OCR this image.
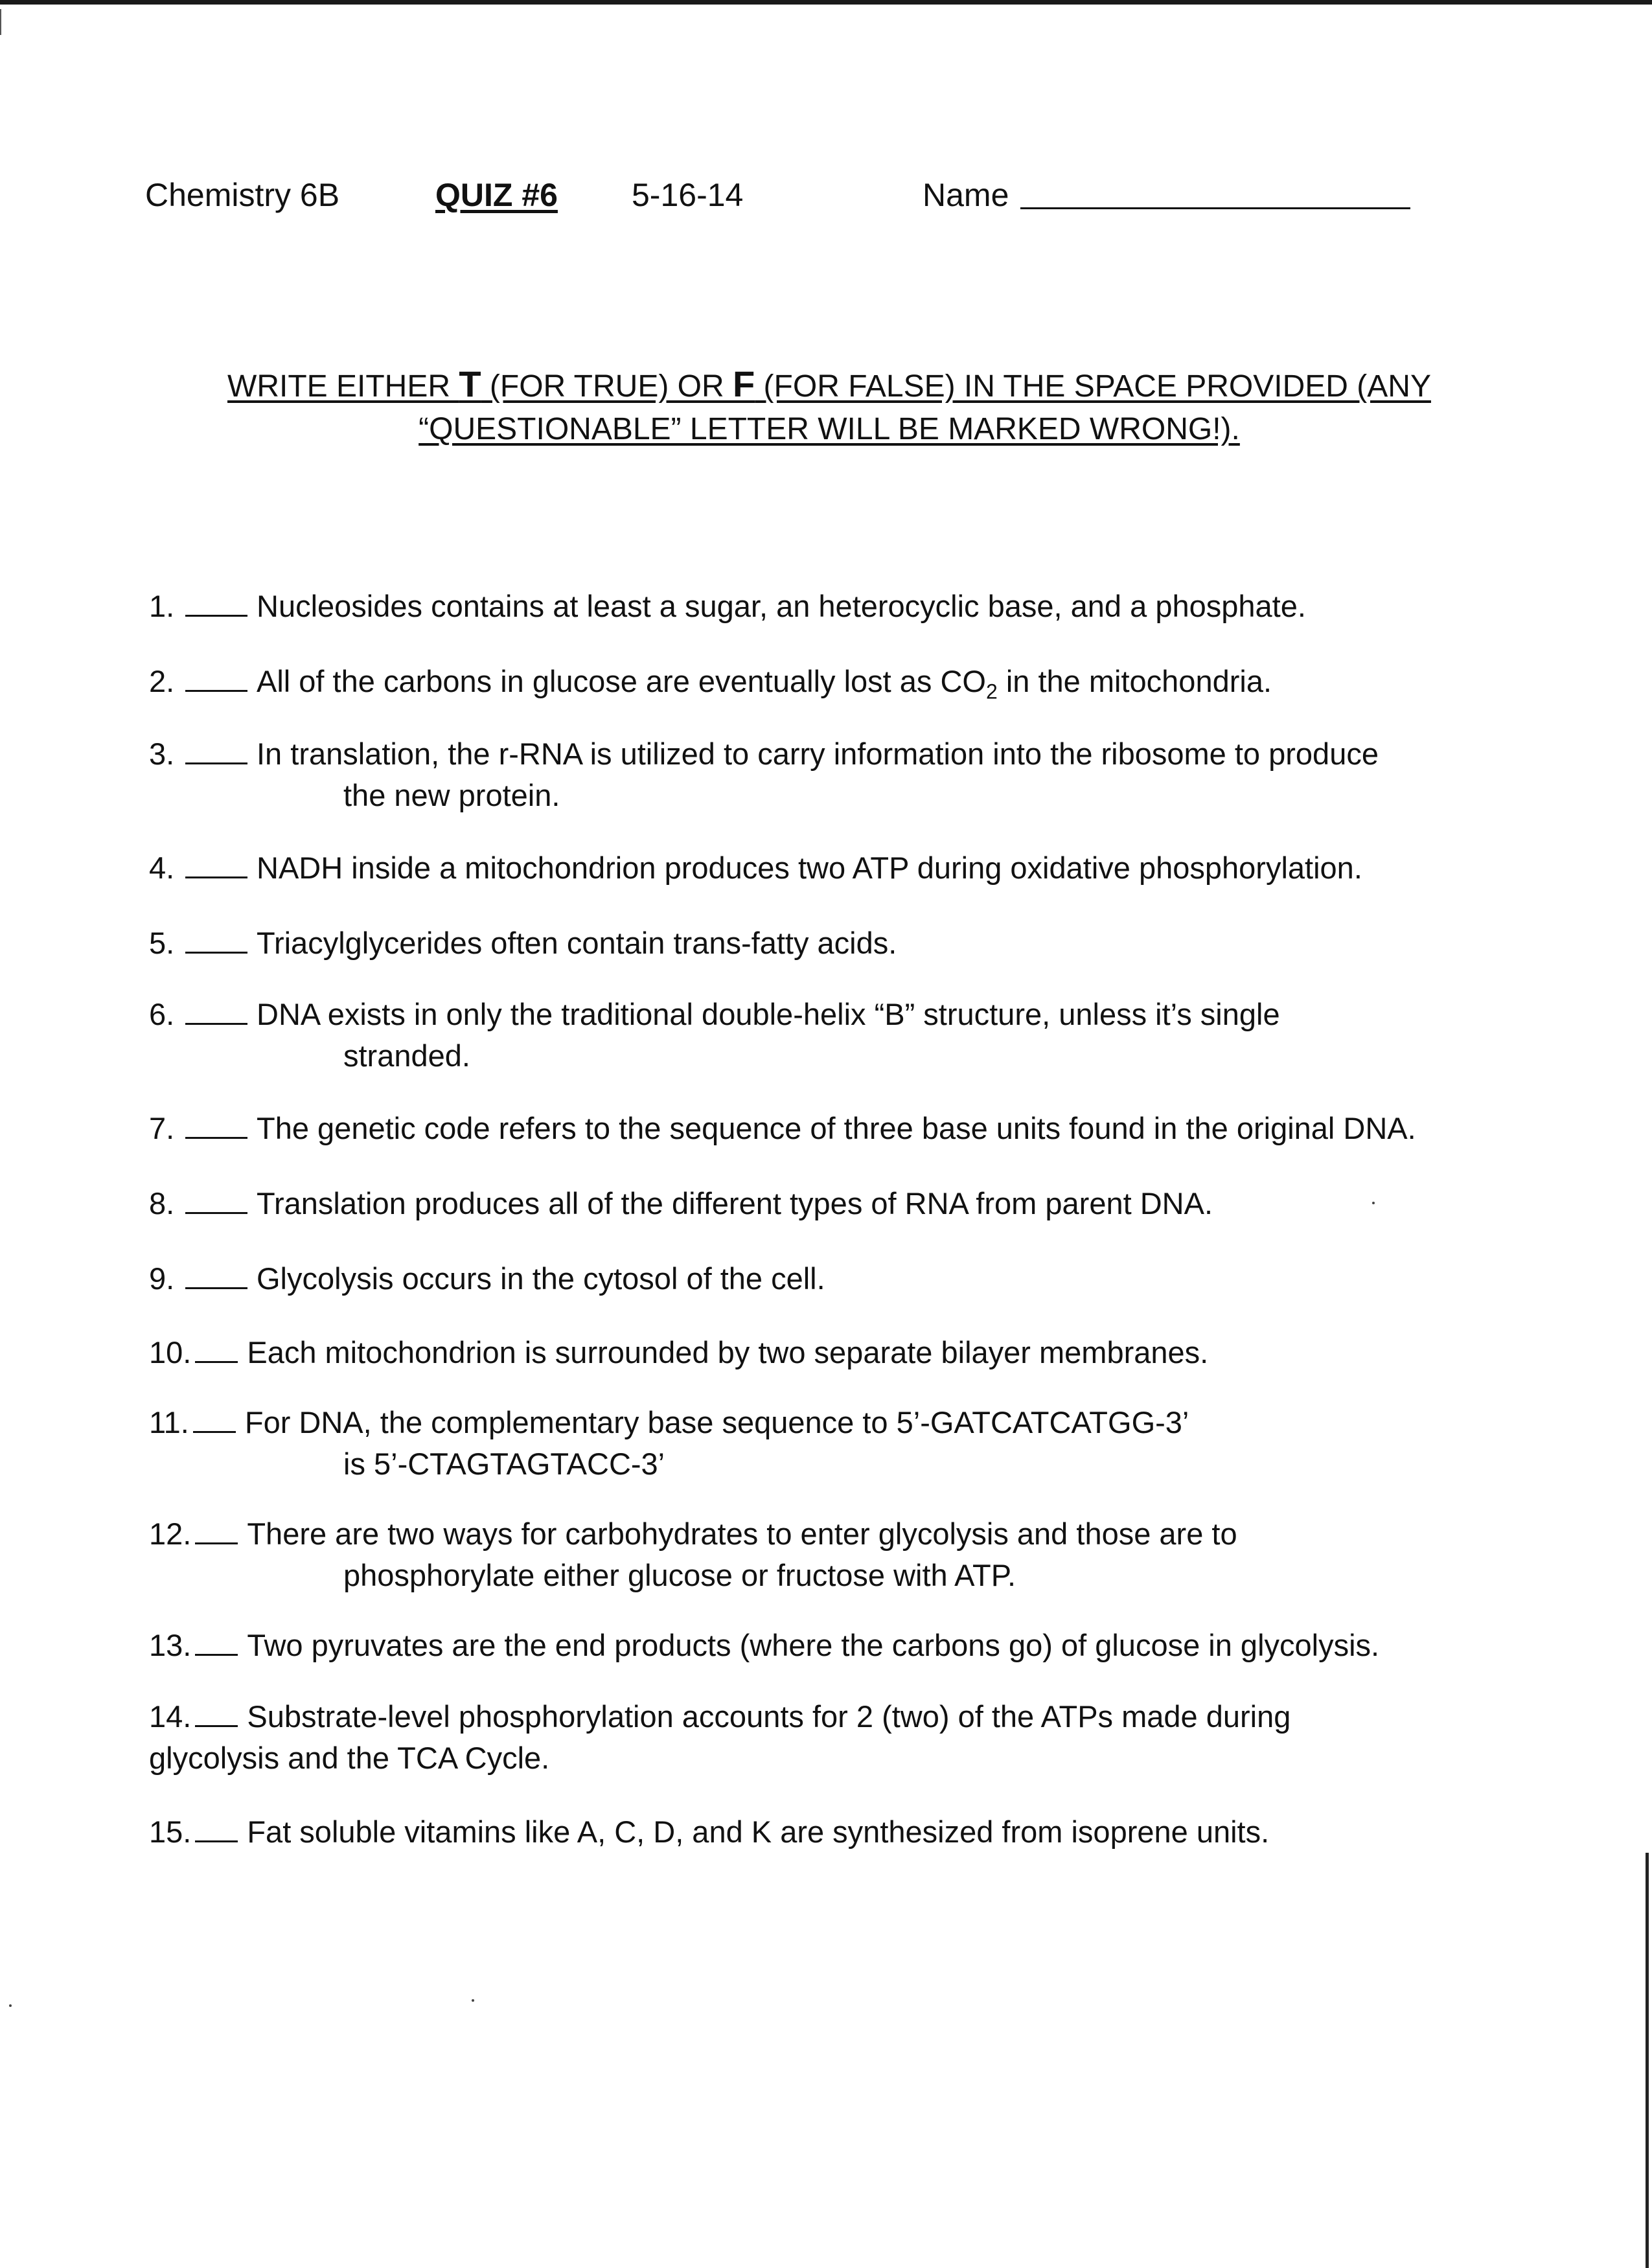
Chemistry 6B	QUIZ #6 5-16-14	Name
WRITE EITHER T (FOR TRUE) OR F (FOR FALSE) IN THE SPACE PROVIDED (ANY
“QUESTIONABLE” LETTER WILL BE MARKED WRONG!).
1.	Nucleosides contains at least a sugar, an heterocyclic base, and a phosphate.
2.	All of the carbons in glucose are eventually lost as $CO_2$ in the mitochondria.
3.	In translation, the r-RNA is utilized to carry information into the ribosome to produce
the new protein.
4.	NADH inside a mitochondrion produces two ATP during oxidative phosphorylation.
5.	Triacylglycerides often contain trans-fatty acids.
6.	DNA exists in only the traditional double-helix “B” structure, unless it’s single
stranded.
7.	The genetic code refers to the sequence of three base units found in the original DNA.
8.	Translation produces all of the different types of RNA from parent DNA.
9.	Glycolysis occurs in the cytosol of the cell.
10. Each mitochondrion is surrounded by two separate bilayer membranes.
11. For DNA, the complementary base sequence to 5’-GATCATCATGG-3’
is 5’-CTAGTAGTACC-3’
12. There are two ways for carbohydrates to enter glycolysis and those are to
phosphorylate either glucose or fructose with ATP.
13. Two pyruvates are the end products (where the carbons go) of glucose in glycolysis.
14. Substrate-level phosphorylation accounts for 2 (two) of the ATPs made during
glycolysis and the TCA Cycle.
15. Fat soluble vitamins like A, C, D, and K are synthesized from isoprene units.
